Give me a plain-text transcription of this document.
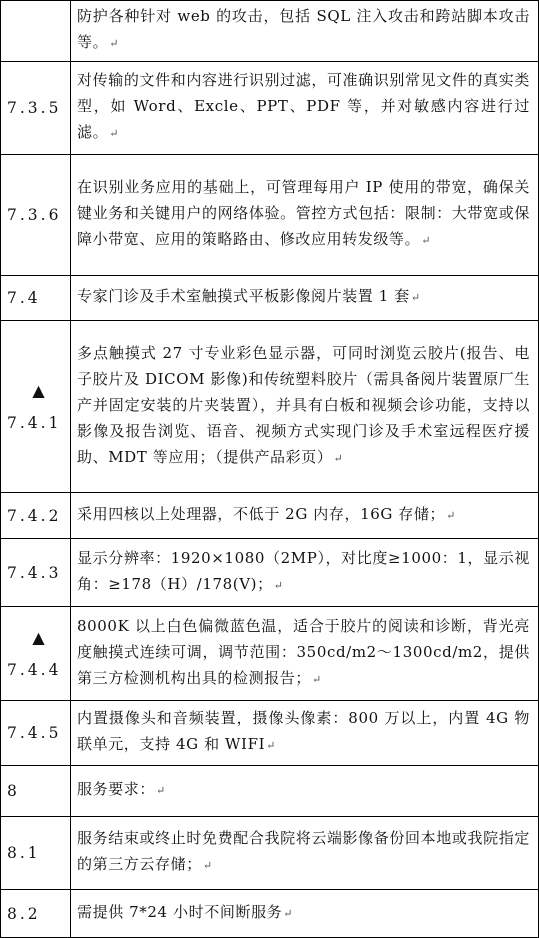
	防护各种针对 web 的攻击，包括 SQL 注入攻击和跨站脚本攻击等。↵

7.3.5	对传输的文件和内容进行识别过滤，可准确识别常见文件的真实类型，如 Word、Excle、PPT、PDF 等，并对敏感内容进行过滤。↵

7.3.6	在识别业务应用的基础上，可管理每用户 IP 使用的带宽，确保关键业务和关键用户的网络体验。管控方式包括：限制：大带宽或保障小带宽、应用的策略路由、修改应用转发级等。↵

7.4	专家门诊及手术室触摸式平板影像阅片装置 1 套↵

▲
7.4.1	多点触摸式 27 寸专业彩色显示器，可同时浏览云胶片(报告、电子胶片及 DICOM 影像)和传统塑料胶片（需具备阅片装置原厂生产并固定安装的片夹装置），并具有白板和视频会诊功能，支持以影像及报告浏览、语音、视频方式实现门诊及手术室远程医疗援助、MDT 等应用；（提供产品彩页）↵

7.4.2	采用四核以上处理器，不低于 2G 内存，16G 存储；↵

7.4.3	显示分辨率：1920×1080（2MP），对比度≥1000：1，显示视角：≥178（H）/178(V)；↵

▲
7.4.4	8000K 以上白色偏微蓝色温，适合于胶片的阅读和诊断，背光亮度触摸式连续可调，调节范围：350cd/m2～1300cd/m2，提供第三方检测机构出具的检测报告；↵

7.4.5	内置摄像头和音频装置，摄像头像素：800 万以上，内置 4G 物联单元，支持 4G 和 WIFI↵

8	服务要求：↵

8.1	服务结束或终止时免费配合我院将云端影像备份回本地或我院指定的第三方云存储；↵

8.2	需提供 7*24 小时不间断服务↵
